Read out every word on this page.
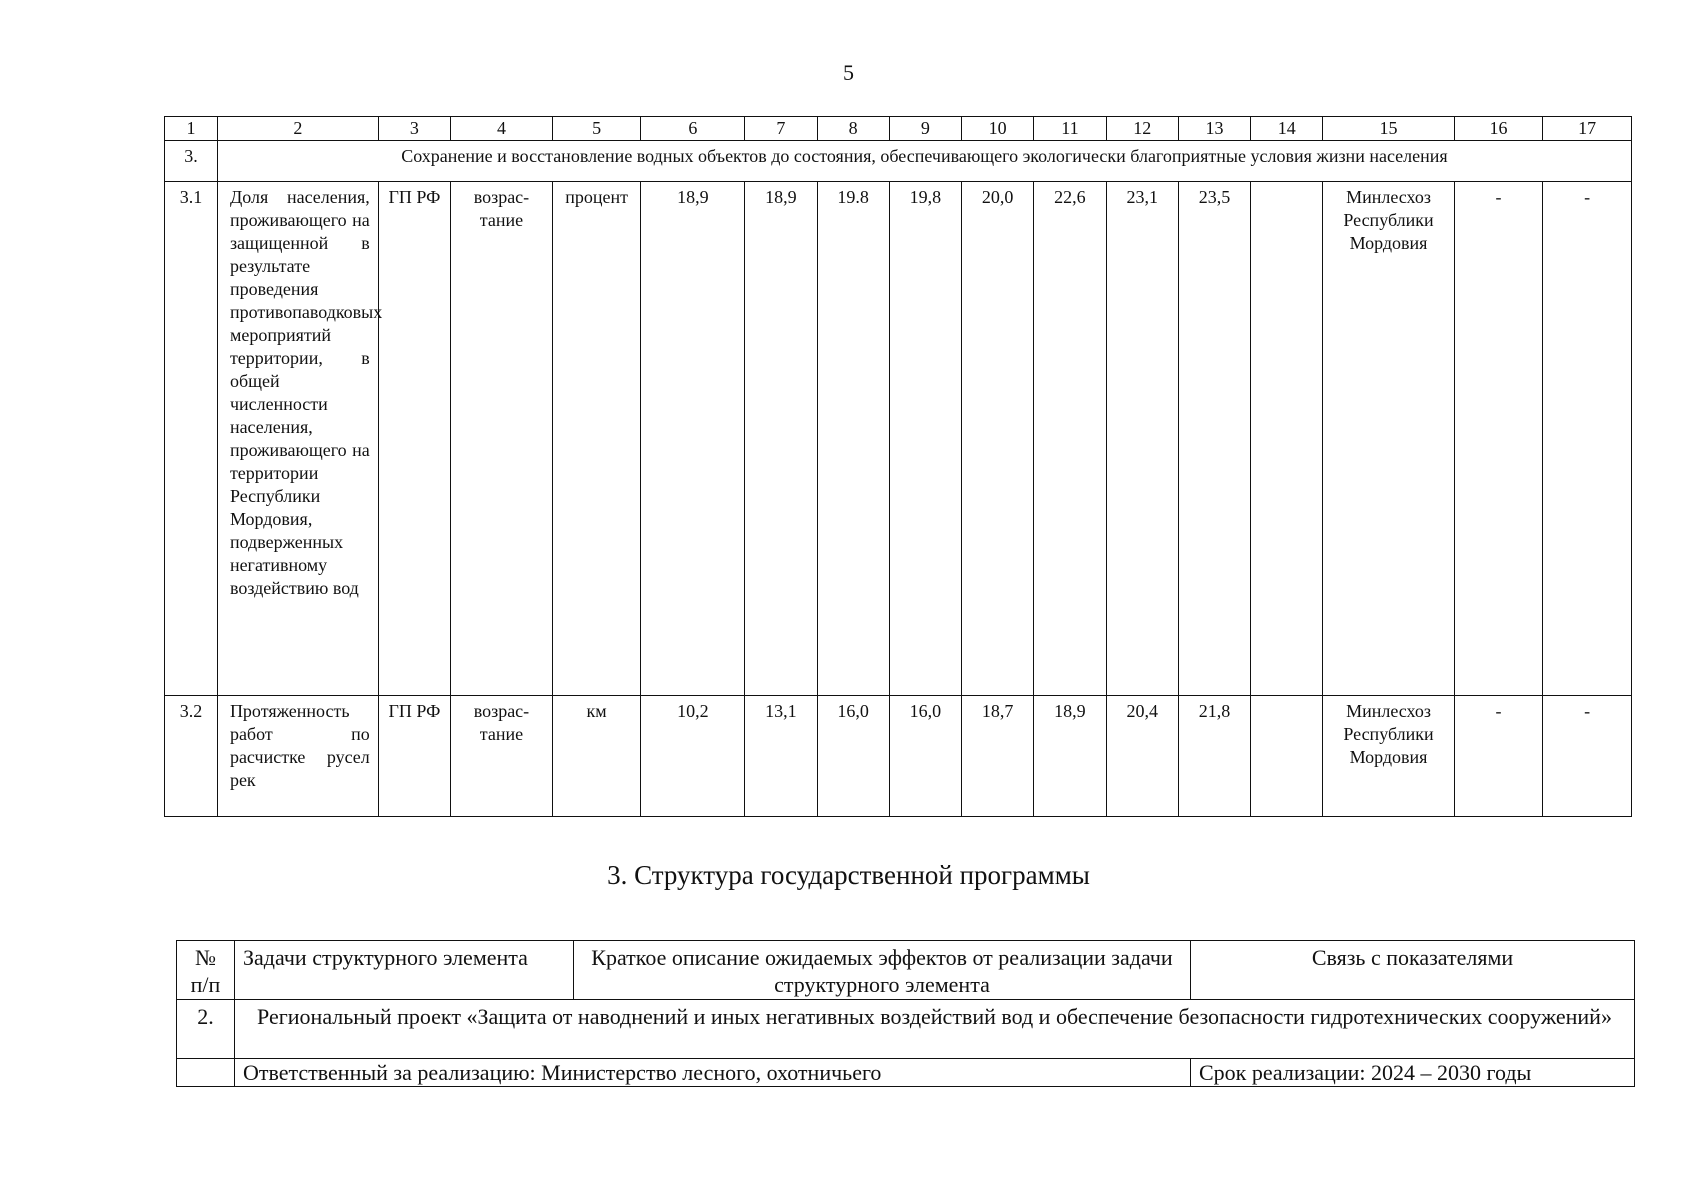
5
1	2	3	4	5	6	7	8	9	10	11	12	13	14	15	16	17
3.	Сохранение и восстановление водных объектов до состояния, обеспечивающего экологически благоприятные условия жизни населения															
3.1	Доля населения, проживающего на защищенной в результате проведения противопаводковых мероприятий территории, в общей численности населения, проживающего на территории Республики Мордовия, подверженных негативному воздействию вод	ГП РФ	возрас-тание	процент	18,9	18,9	19.8	19,8	20,0	22,6	23,1	23,5		Минлесхоз Республики Мордовия	-	-
3.2	Протяженность работ по расчистке русел рек	ГП РФ	возрас-тание	км	10,2	13,1	16,0	16,0	18,7	18,9	20,4	21,8		Минлесхоз Республики Мордовия	-	-
3. Структура государственной программы
№ п/п	Задачи структурного элемента	Краткое описание ожидаемых эффектов от реализации задачи структурного элемента	Связь с показателями
2.	Региональный проект «Защита от наводнений и иных негативных воздействий вод и обеспечение безопасности гидротехнических сооружений»		
	Ответственный за реализацию: Министерство лесного, охотничьего		Срок реализации: 2024 – 2030 годы
